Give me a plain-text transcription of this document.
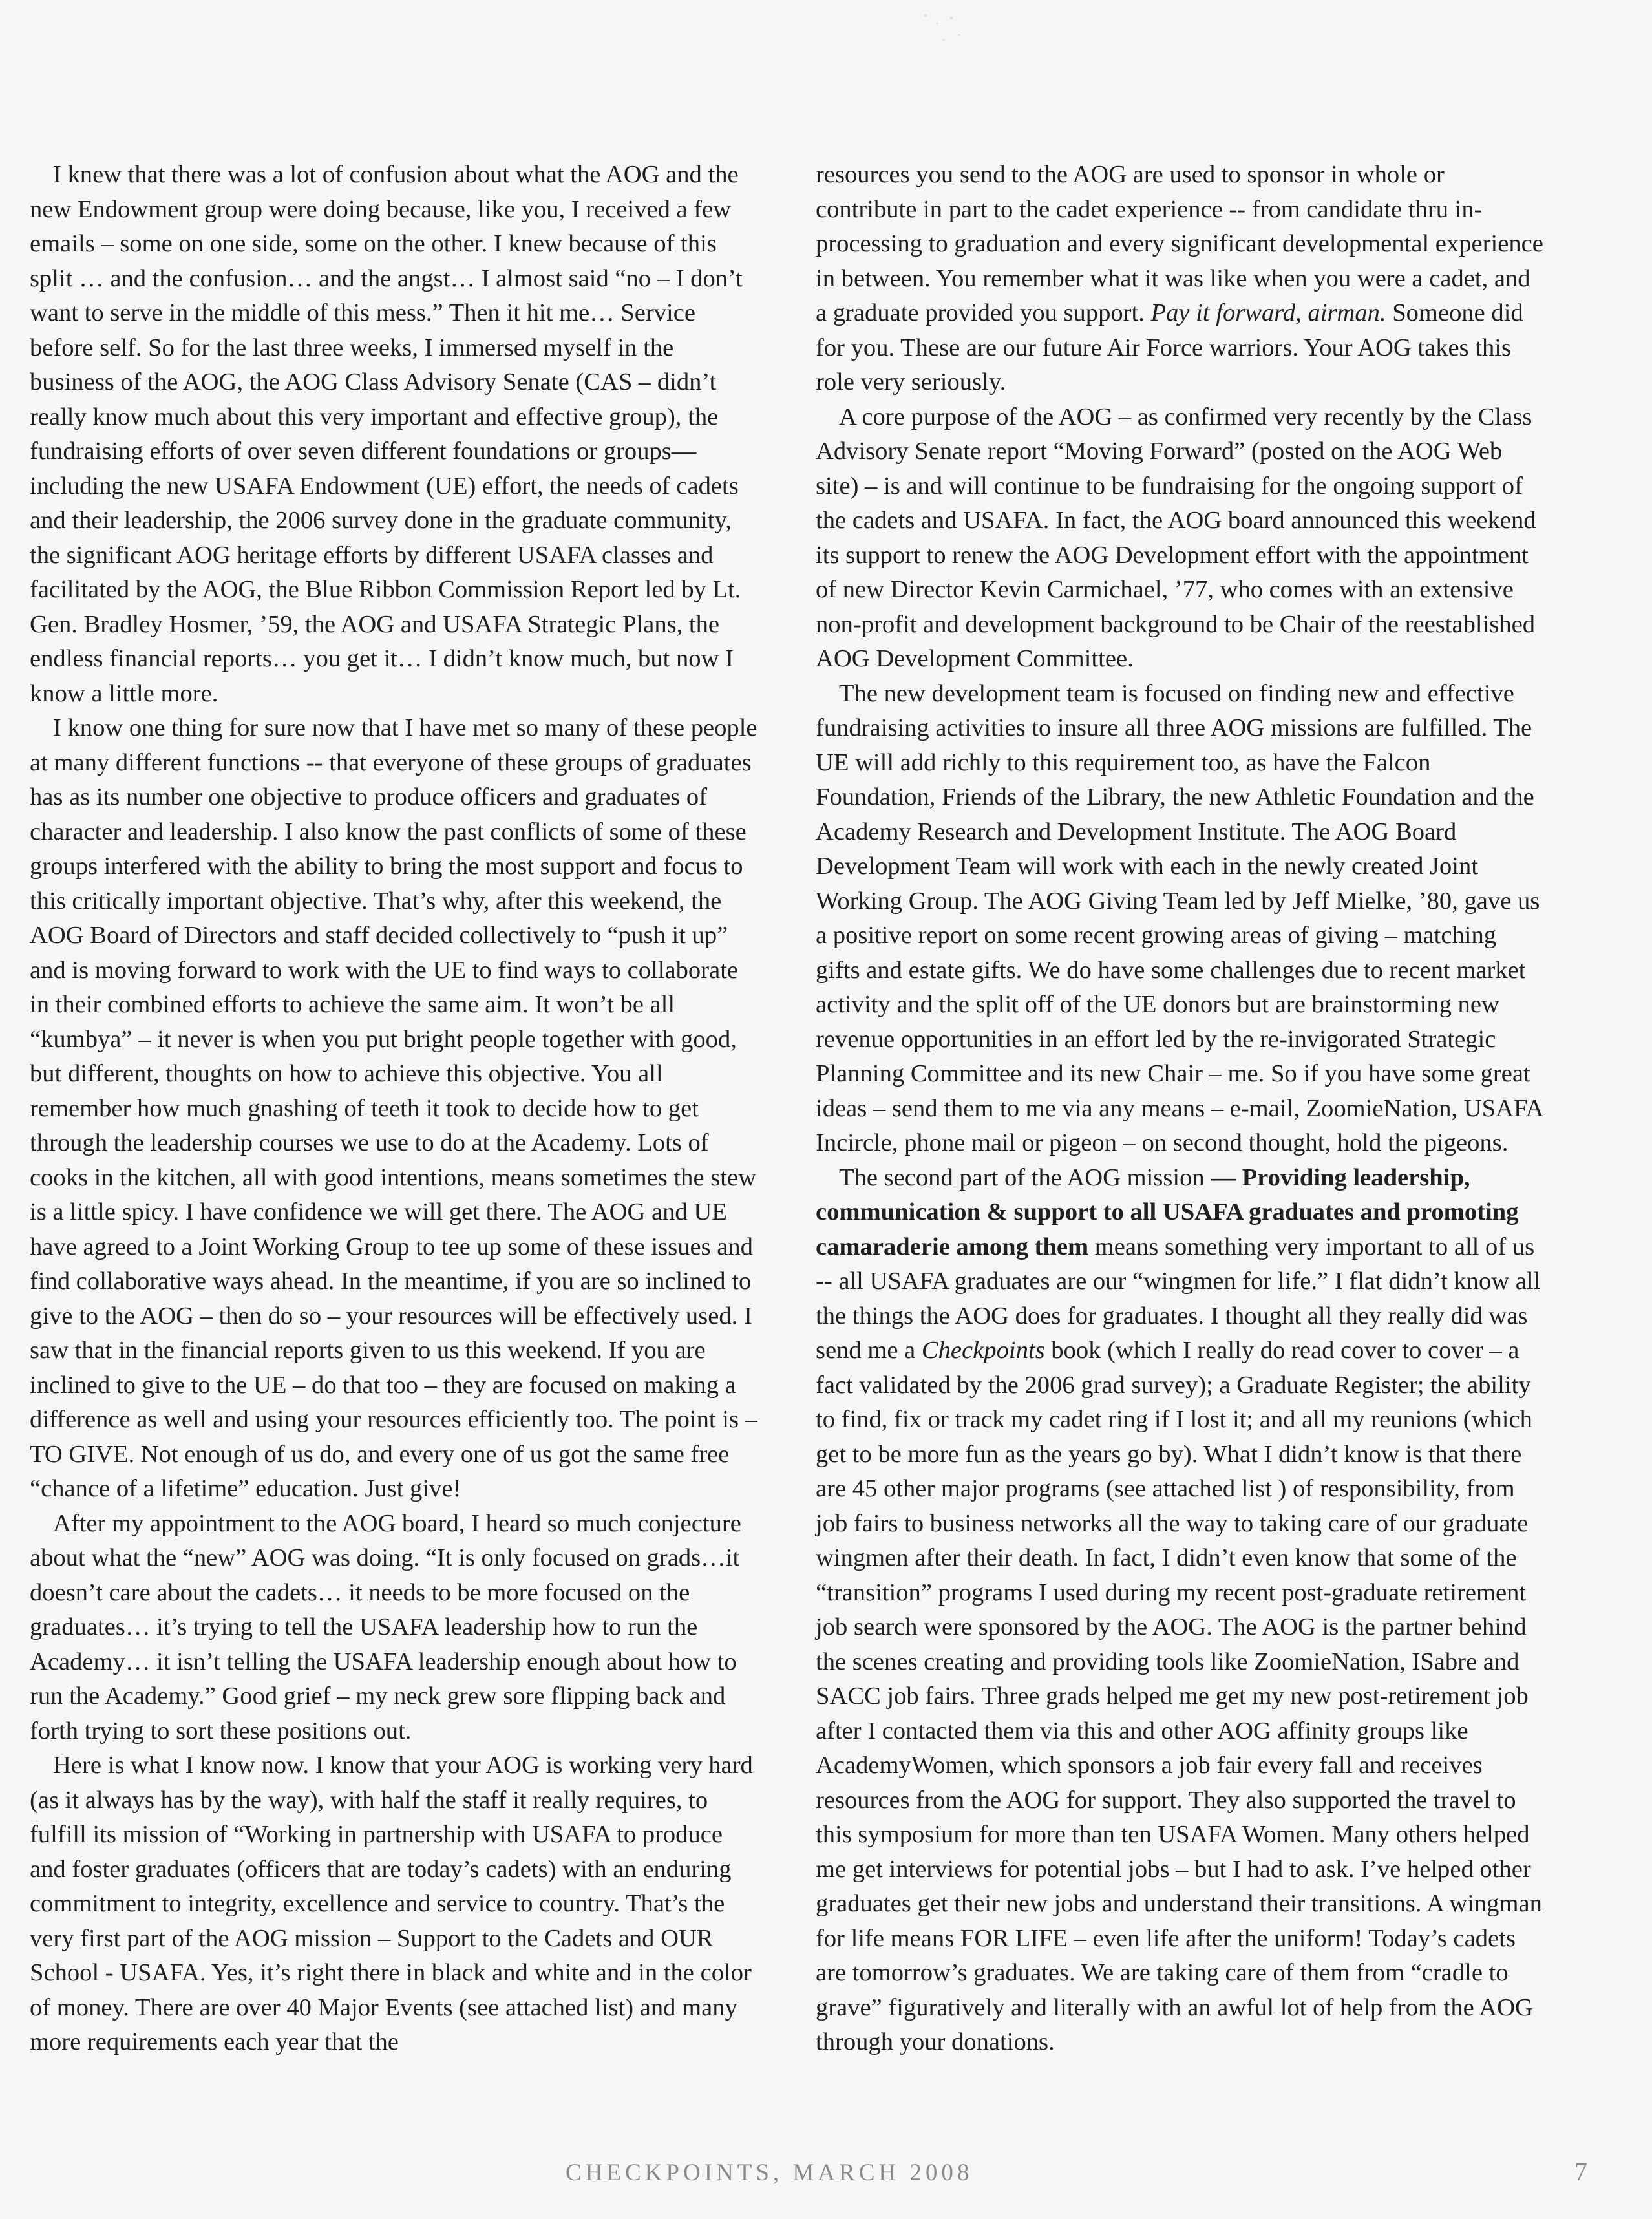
I knew that there was a lot of confusion about what the AOG and the new Endowment group were doing because, like you, I received a few emails – some on one side, some on the other. I knew because of this split … and the confusion… and the angst… I almost said “no – I don’t want to serve in the middle of this mess.” Then it hit me… Service before self. So for the last three weeks, I immersed myself in the business of the AOG, the AOG Class Advisory Senate (CAS – didn’t really know much about this very important and effective group), the fundraising efforts of over seven different foundations or groups—including the new USAFA Endowment (UE) effort, the needs of cadets and their leadership, the 2006 survey done in the graduate community, the significant AOG heritage efforts by different USAFA classes and facilitated by the AOG, the Blue Ribbon Commission Report led by Lt. Gen. Bradley Hosmer, ’59, the AOG and USAFA Strategic Plans, the endless financial reports… you get it… I didn’t know much, but now I know a little more.

I know one thing for sure now that I have met so many of these people at many different functions -- that everyone of these groups of graduates has as its number one objective to produce officers and graduates of character and leadership. I also know the past conflicts of some of these groups interfered with the ability to bring the most support and focus to this critically important objective. That’s why, after this weekend, the AOG Board of Directors and staff decided collectively to “push it up” and is moving forward to work with the UE to find ways to collaborate in their combined efforts to achieve the same aim. It won’t be all “kumbya” – it never is when you put bright people together with good, but different, thoughts on how to achieve this objective. You all remember how much gnashing of teeth it took to decide how to get through the leadership courses we use to do at the Academy. Lots of cooks in the kitchen, all with good intentions, means sometimes the stew is a little spicy. I have confidence we will get there. The AOG and UE have agreed to a Joint Working Group to tee up some of these issues and find collaborative ways ahead. In the meantime, if you are so inclined to give to the AOG – then do so – your resources will be effectively used. I saw that in the financial reports given to us this weekend. If you are inclined to give to the UE – do that too – they are focused on making a difference as well and using your resources efficiently too. The point is – TO GIVE. Not enough of us do, and every one of us got the same free “chance of a lifetime” education. Just give!

After my appointment to the AOG board, I heard so much conjecture about what the “new” AOG was doing. “It is only focused on grads…it doesn’t care about the cadets… it needs to be more focused on the graduates… it’s trying to tell the USAFA leadership how to run the Academy… it isn’t telling the USAFA leadership enough about how to run the Academy.” Good grief – my neck grew sore flipping back and forth trying to sort these positions out.

Here is what I know now. I know that your AOG is working very hard (as it always has by the way), with half the staff it really requires, to fulfill its mission of “Working in partnership with USAFA to produce and foster graduates (officers that are today’s cadets) with an enduring commitment to integrity, excellence and service to country. That’s the very first part of the AOG mission – Support to the Cadets and OUR School - USAFA. Yes, it’s right there in black and white and in the color of money. There are over 40 Major Events (see attached list) and many more requirements each year that the

resources you send to the AOG are used to sponsor in whole or contribute in part to the cadet experience -- from candidate thru in-processing to graduation and every significant developmental experience in between. You remember what it was like when you were a cadet, and a graduate provided you support. Pay it forward, airman. Someone did for you. These are our future Air Force warriors. Your AOG takes this role very seriously.

A core purpose of the AOG – as confirmed very recently by the Class Advisory Senate report “Moving Forward” (posted on the AOG Web site) – is and will continue to be fundraising for the ongoing support of the cadets and USAFA. In fact, the AOG board announced this weekend its support to renew the AOG Development effort with the appointment of new Director Kevin Carmichael, ’77, who comes with an extensive non-profit and development background to be Chair of the reestablished AOG Development Committee.

The new development team is focused on finding new and effective fundraising activities to insure all three AOG missions are fulfilled. The UE will add richly to this requirement too, as have the Falcon Foundation, Friends of the Library, the new Athletic Foundation and the Academy Research and Development Institute. The AOG Board Development Team will work with each in the newly created Joint Working Group. The AOG Giving Team led by Jeff Mielke, ’80, gave us a positive report on some recent growing areas of giving – matching gifts and estate gifts. We do have some challenges due to recent market activity and the split off of the UE donors but are brainstorming new revenue opportunities in an effort led by the re-invigorated Strategic Planning Committee and its new Chair – me. So if you have some great ideas – send them to me via any means – e-mail, ZoomieNation, USAFA Incircle, phone mail or pigeon – on second thought, hold the pigeons.

The second part of the AOG mission — Providing leadership, communication & support to all USAFA graduates and promoting camaraderie among them means something very important to all of us -- all USAFA graduates are our “wingmen for life.” I flat didn’t know all the things the AOG does for graduates. I thought all they really did was send me a Checkpoints book (which I really do read cover to cover – a fact validated by the 2006 grad survey); a Graduate Register; the ability to find, fix or track my cadet ring if I lost it; and all my reunions (which get to be more fun as the years go by). What I didn’t know is that there are 45 other major programs (see attached list ) of responsibility, from job fairs to business networks all the way to taking care of our graduate wingmen after their death. In fact, I didn’t even know that some of the “transition” programs I used during my recent post-graduate retirement job search were sponsored by the AOG. The AOG is the partner behind the scenes creating and providing tools like ZoomieNation, ISabre and SACC job fairs. Three grads helped me get my new post-retirement job after I contacted them via this and other AOG affinity groups like AcademyWomen, which sponsors a job fair every fall and receives resources from the AOG for support. They also supported the travel to this symposium for more than ten USAFA Women. Many others helped me get interviews for potential jobs – but I had to ask. I’ve helped other graduates get their new jobs and understand their transitions. A wingman for life means FOR LIFE – even life after the uniform! Today’s cadets are tomorrow’s graduates. We are taking care of them from “cradle to grave” figuratively and literally with an awful lot of help from the AOG through your donations.

CHECKPOINTS, MARCH 2008	7
